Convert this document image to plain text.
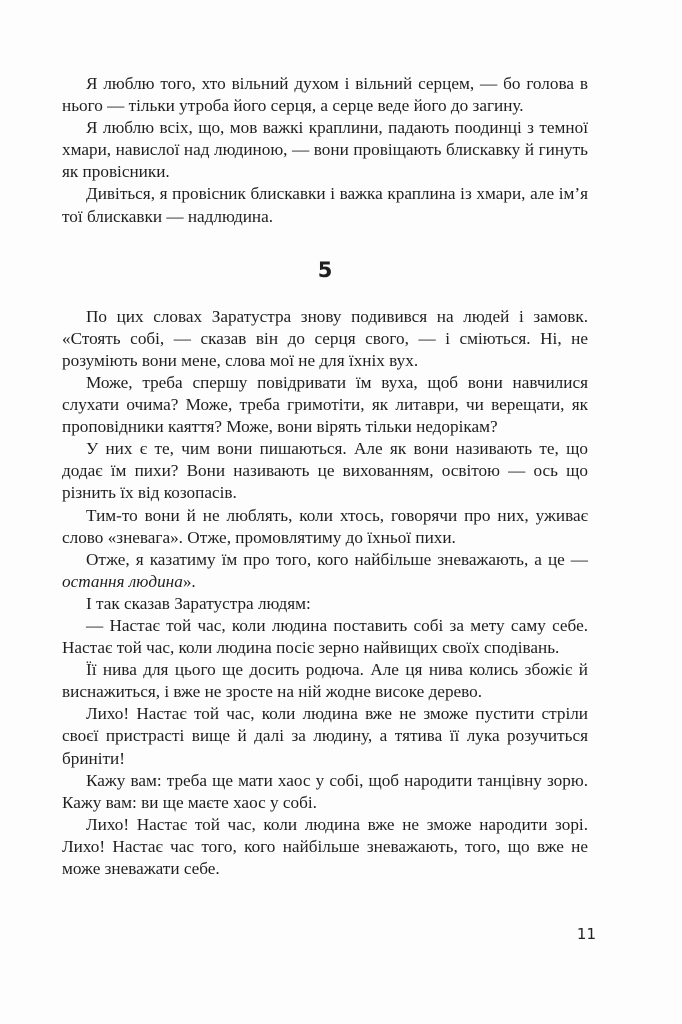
Я люблю того, хто вільний духом і вільний серцем, — бо голова в нього — тільки утроба його серця, а серце веде його до загину.

Я люблю всіх, що, мов важкі краплини, падають поодинці з темної хмари, навислої над людиною, — вони провіщають блискавку й гинуть як провісники.

Дивіться, я провісник блискавки і важка краплина із хмари, але ім’я тої блискавки — надлюдина.

5

По цих словах Заратустра знову подивився на людей і замовк. «Стоять собі, — сказав він до серця свого, — і сміються. Ні, не розуміють вони мене, слова мої не для їхніх вух.

Може, треба спершу повідривати їм вуха, щоб вони навчилися слухати очима? Може, треба гримотіти, як литаври, чи верещати, як проповідники каяття? Може, вони вірять тільки недорікам?

У них є те, чим вони пишаються. Але як вони називають те, що додає їм пихи? Вони називають це вихованням, освітою — ось що різнить їх від козопасів.

Тим-то вони й не люблять, коли хтось, говорячи про них, уживає слово «зневага». Отже, промовлятиму до їхньої пихи.

Отже, я казатиму їм про того, кого найбільше зневажають, а це — остання людина».

І так сказав Заратустра людям:

— Настає той час, коли людина поставить собі за мету саму себе. Настає той час, коли людина посіє зерно найвищих своїх сподівань.

Її нива для цього ще досить родюча. Але ця нива колись збожіє й виснажиться, і вже не зросте на ній жодне високе дерево.

Лихо! Настає той час, коли людина вже не зможе пустити стріли своєї пристрасті вище й далі за людину, а тятива її лука розучиться бриніти!

Кажу вам: треба ще мати хаос у собі, щоб народити танцівну зорю. Кажу вам: ви ще маєте хаос у собі.

Лихо! Настає той час, коли людина вже не зможе народити зорі. Лихо! Настає час того, кого найбільше зневажають, того, що вже не може зневажати себе.

11
